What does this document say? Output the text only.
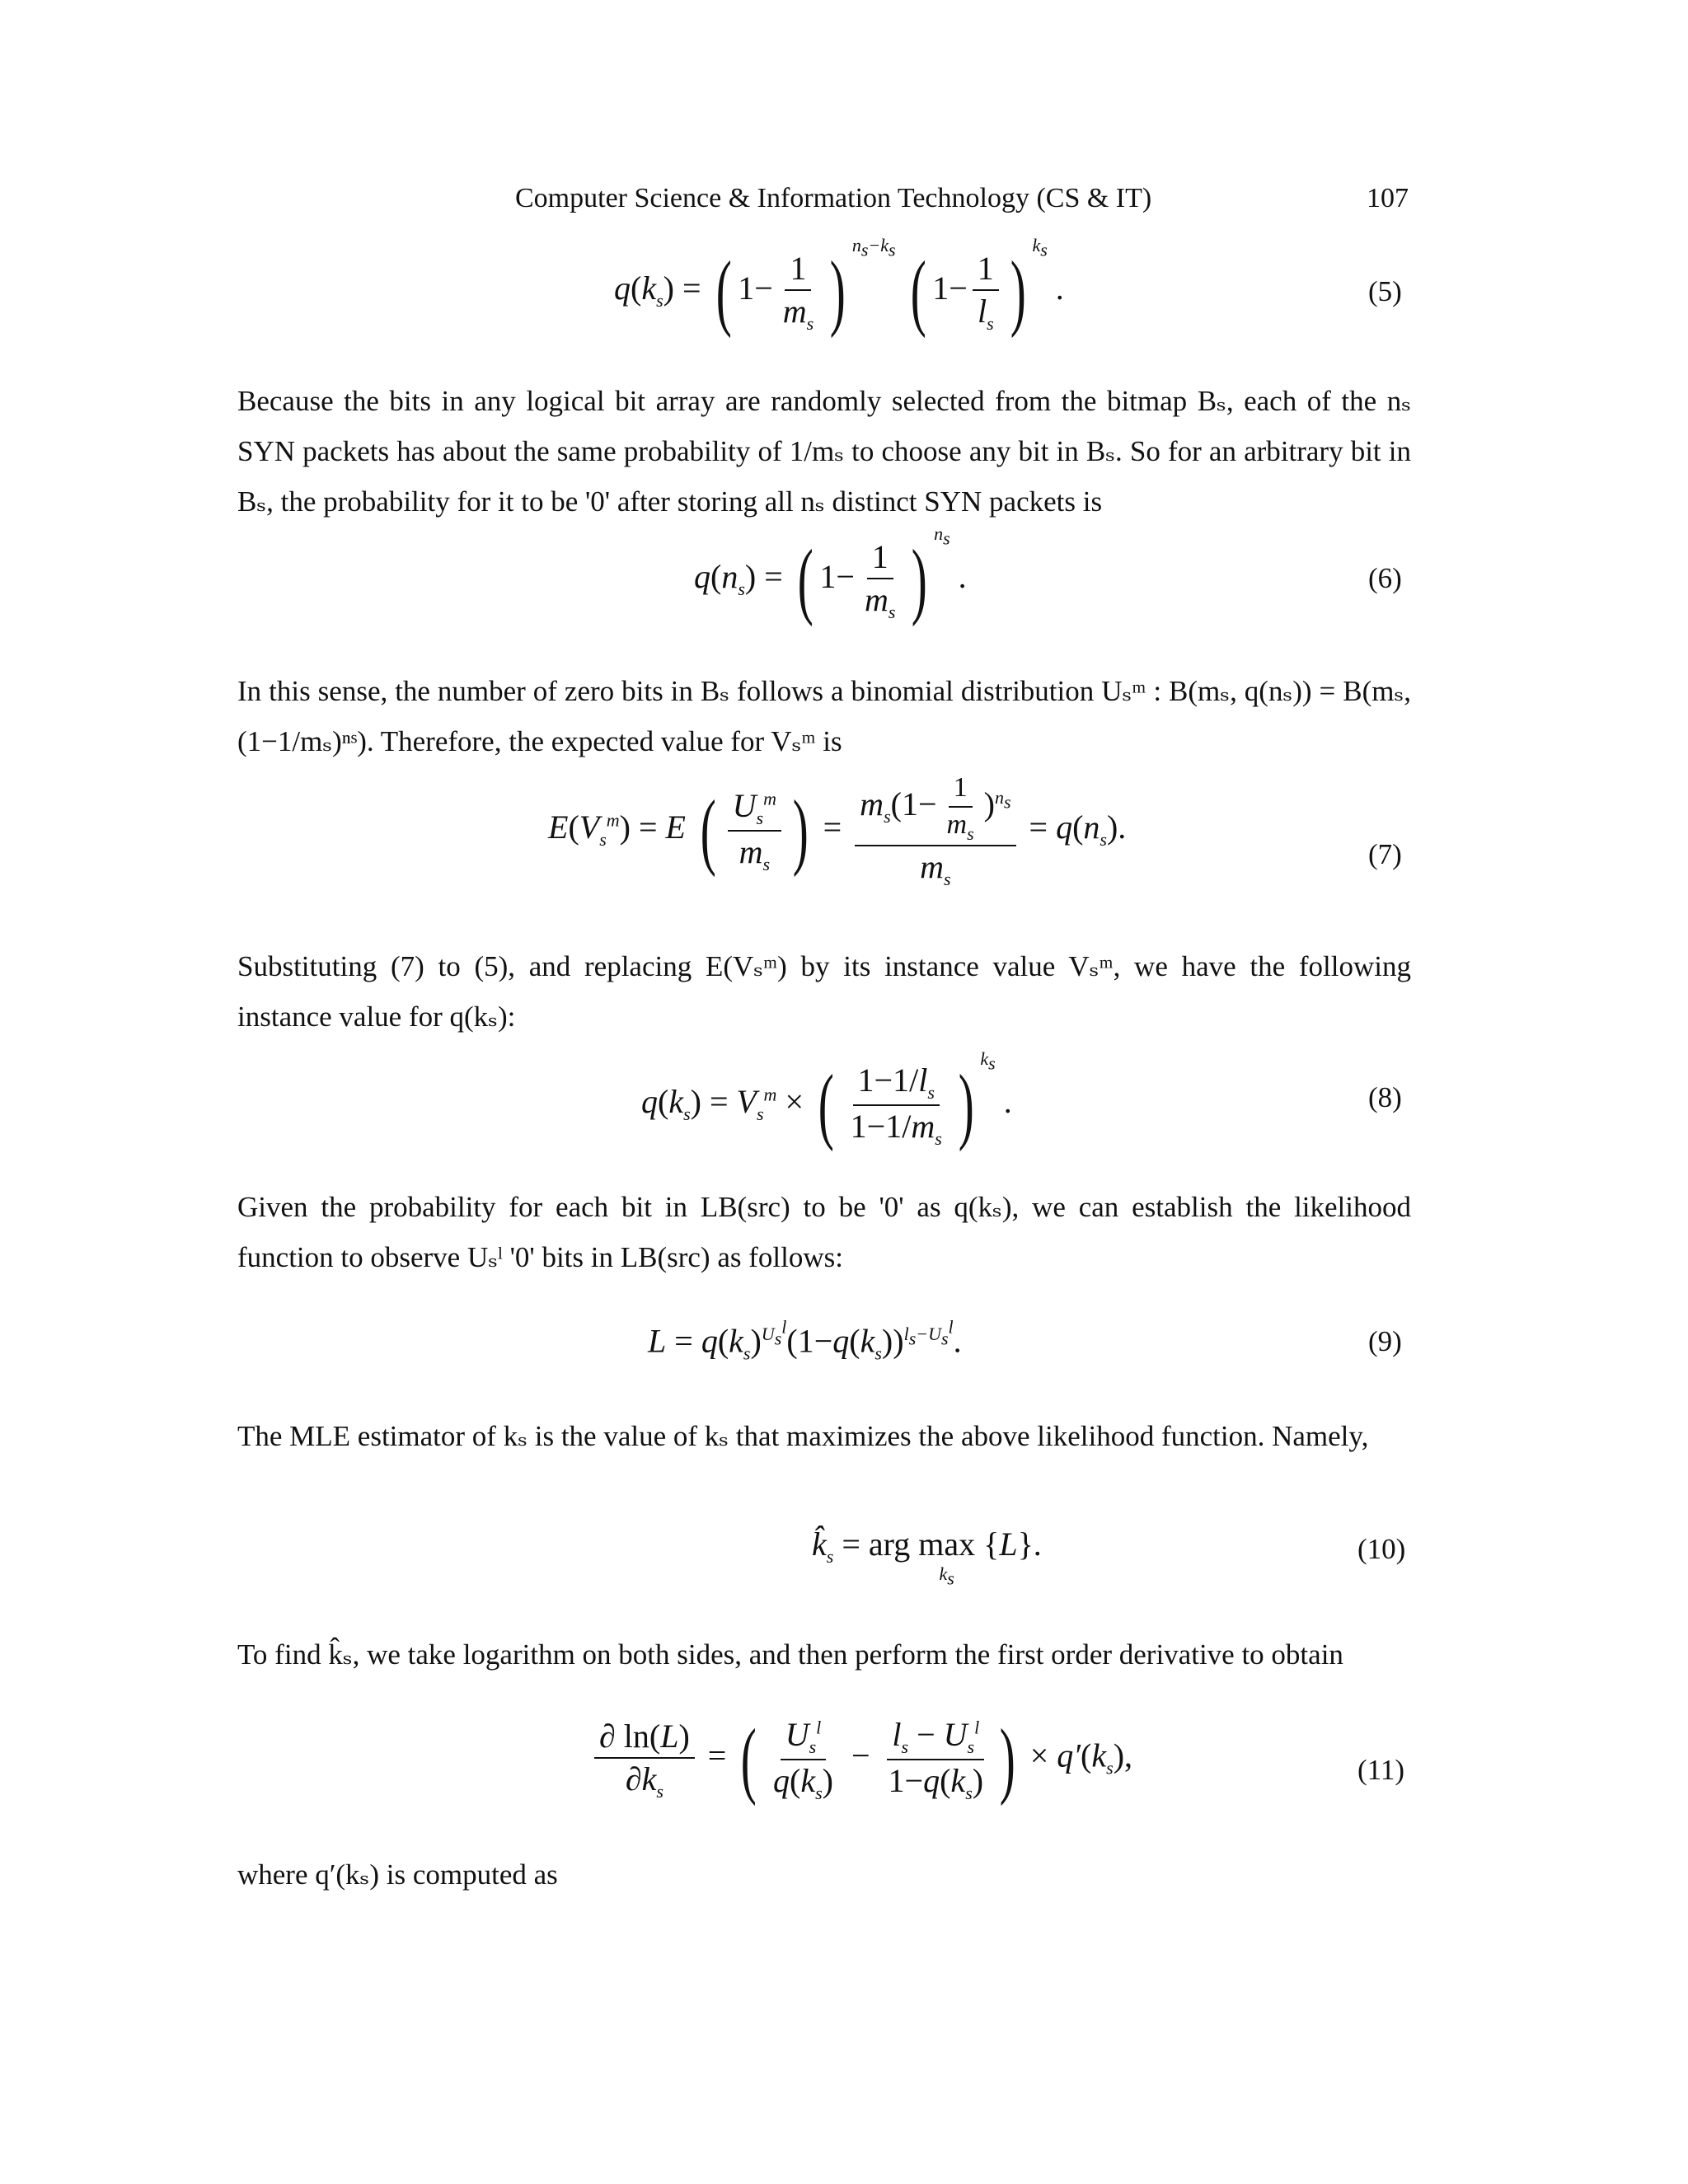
Computer Science & Information Technology (CS & IT)	107
$q(k_s)$ = ( $1- \frac{1}{m_s}$ ) $^{n_s-k_s}$ ( $1- \frac{1}{l_s}$ ) $^{k_s}$ .	(5)
Because the bits in any logical bit array are randomly selected from the bitmap Bₛ, each of the nₛ SYN packets has about the same probability of 1/mₛ to choose any bit in Bₛ. So for an arbitrary bit in Bₛ, the probability for it to be '0' after storing all nₛ distinct SYN packets is
$q(n_s)$ = ( $1- \frac{1}{m_s}$ ) $^{n_s}$ .	(6)
In this sense, the number of zero bits in Bₛ follows a binomial distribution Uₛᵐ : B(mₛ, q(nₛ)) = B(mₛ, (1−1/mₛ)ⁿˢ). Therefore, the expected value for Vₛᵐ is
$E(V_s^m) = E$ ( $\frac{U_s^m}{m_s}$ ) = $\frac{m_s(1- \frac{1}{m_s} )^{n_s}}{m_s} = q(n_s)$.
(7)
Substituting (7) to (5), and replacing E(Vₛᵐ) by its instance value Vₛᵐ, we have the following instance value for q(kₛ):
$q(k_s) = V_s^m$ × ( $\frac{1-1/l_s}{1-1/m_s}$ ) $^{k_s}$ .	(8)
Given the probability for each bit in LB(src) to be '0' as q(kₛ), we can establish the likelihood function to observe Uₛˡ '0' bits in LB(src) as follows:
$L = q(k_s)^{U_s^l}(1-q(k_s))^{l_s-U_s^l}$.	(9)
The MLE estimator of kₛ is the value of kₛ that maximizes the above likelihood function. Namely,
$k̂_s$ = arg max
$k_s$
{L}.	(10)
To find k̂ₛ, we take logarithm on both sides, and then perform the first order derivative to obtain
$\frac{\partial \ln(L)}{\partial k_s}$ = ( $\frac{U_s^l}{q(k_s)} - \frac{l_s - U_s^l}{1-q(k_s)}$ ) × $q'(k_s)$,	(11)
where q′(kₛ) is computed as
